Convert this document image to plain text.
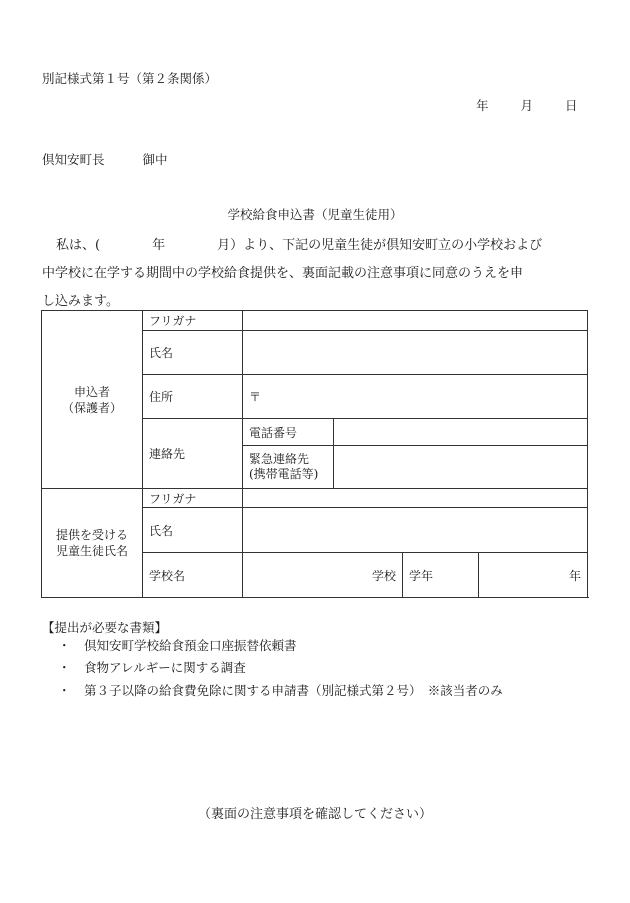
別記様式第１号（第２条関係）
年	月	日
倶知安町長	御中
学校給食申込書（児童生徒用）
私は、(　　　　年　　　　月）より、下記の児童生徒が倶知安町立の小学校および
中学校に在学する期間中の学校給食提供を、裏面記載の注意事項に同意のうえを申
し込みます。
申込者
（保護者）	フリガナ				
	氏名				
	住所	〒			
	連絡先	電話番号			
		緊急連絡先
(携帯電話等)			

提供を受ける
児童生徒氏名	フリガナ				
	氏名				
	学校名	学校		学年	年
【提出が必要な書類】
・ 倶知安町学校給食預金口座振替依頼書
・ 食物アレルギーに関する調査
・ 第３子以降の給食費免除に関する申請書（別記様式第２号）　※該当者のみ
（裏面の注意事項を確認してください）
